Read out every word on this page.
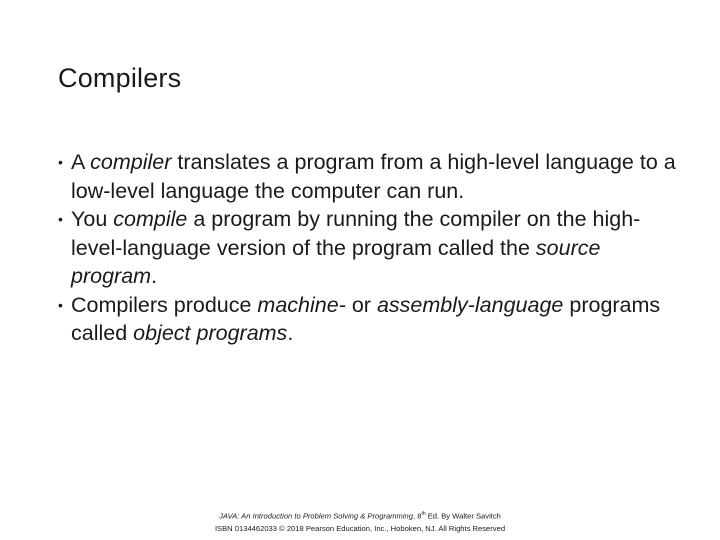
Compilers
• A compiler translates a program from a high-level language to a low-level language the computer can run.
• You compile a program by running the compiler on the high-level-language version of the program called the source program.
• Compilers produce machine- or assembly-language programs called object programs.
JAVA: An Introduction to Problem Solving & Programming, 8th Ed. By Walter Savitch
ISBN 0134462033 © 2018 Pearson Education, Inc., Hoboken, NJ. All Rights Reserved
